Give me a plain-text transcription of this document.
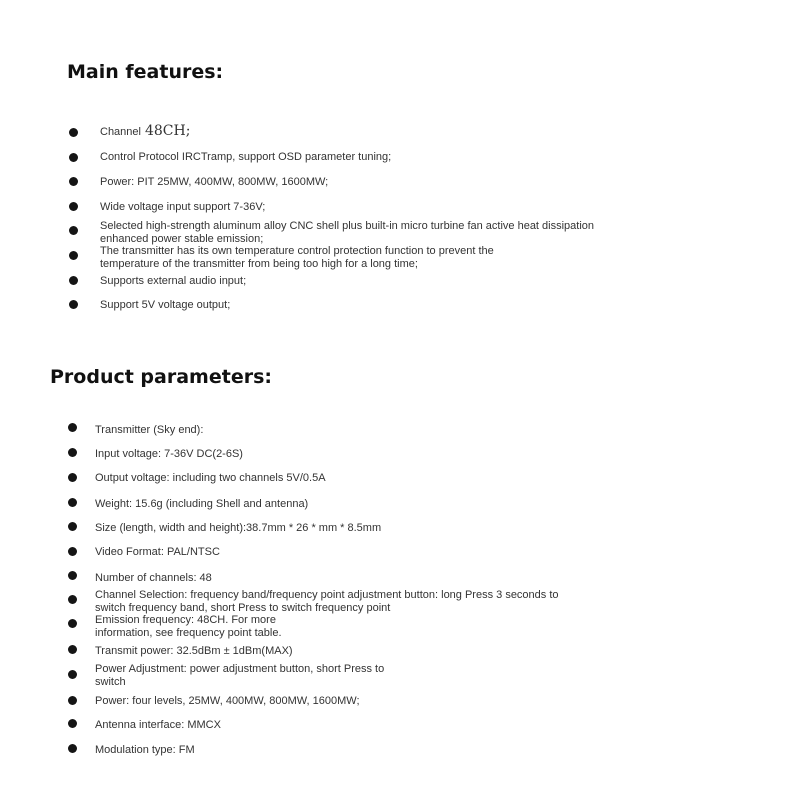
Main features:
Channel 48CH;
Control Protocol IRCTramp, support OSD parameter tuning;
Power: PIT 25MW, 400MW, 800MW, 1600MW;
Wide voltage input support 7-36V;
Selected high-strength aluminum alloy CNC shell plus built-in micro turbine fan active heat dissipation
enhanced power stable emission;
The transmitter has its own temperature control protection function to prevent the
temperature of the transmitter from being too high for a long time;
Supports external audio input;
Support 5V voltage output;
Product parameters:
Transmitter (Sky end):
Input voltage: 7-36V DC(2-6S)
Output voltage: including two channels 5V/0.5A
Weight: 15.6g (including Shell and antenna)
Size (length, width and height):38.7mm * 26 * mm * 8.5mm
Video Format: PAL/NTSC
Number of channels: 48
Channel Selection: frequency band/frequency point adjustment button: long Press 3 seconds to
switch frequency band, short Press to switch frequency point
Emission frequency: 48CH. For more
information, see frequency point table.
Transmit power: 32.5dBm ± 1dBm(MAX)
Power Adjustment: power adjustment button, short Press to
switch
Power: four levels, 25MW, 400MW, 800MW, 1600MW;
Antenna interface: MMCX
Modulation type: FM
